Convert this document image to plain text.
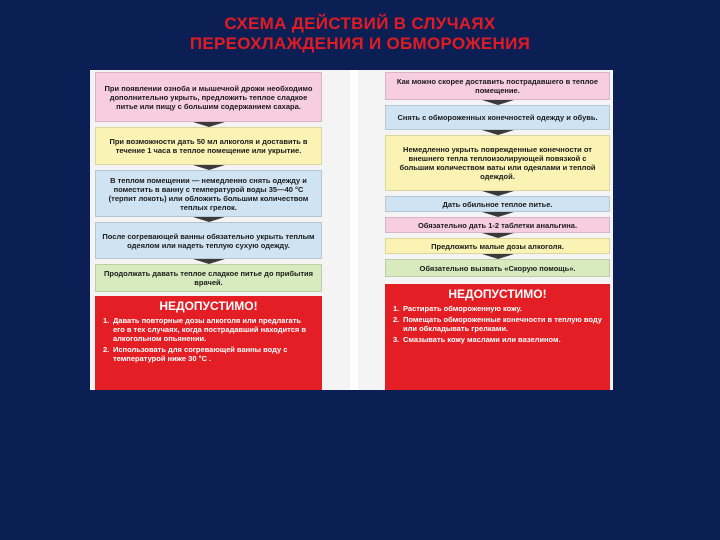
СХЕМА ДЕЙСТВИЙ В СЛУЧАЯХ
ПЕРЕОХЛАЖДЕНИЯ И ОБМОРОЖЕНИЯ
При появлении озноба и мышечной дрожи необходимо дополнительно укрыть, предложить теплое сладкое питье или пищу с большим содержанием сахара.
При возможности дать 50 мл алкоголя и доставить в течение 1 часа в теплое помещение или укрытие.
В теплом помещении — немедленно снять одежду и поместить в ванну с температурой воды 35—40 °С (терпит локоть) или обложить большим количеством теплых грелок.
После согревающей ванны обязательно укрыть теплым одеялом или надеть теплую сухую одежду.
Продолжать давать теплое сладкое питье до прибытия врачей.
НЕДОПУСТИМО!
1. Давать повторные дозы алкоголя или предлагать его в тех случаях, когда пострадавший находится в алкогольном опьянении.
2. Использовать для согревающей ванны воду с температурой ниже 30 °С .
Как можно скорее доставить пострадавшего в теплое помещение.
Снять с обмороженных конечностей одежду и обувь.
Немедленно укрыть поврежденные конечности от внешнего тепла теплоизолирующей повязкой с большим количеством ваты или одеялами и теплой одеждой.
Дать обильное теплое питье.
Обязательно дать 1-2 таблетки анальгина.
Предложить малые дозы алкоголя.
Обязательно вызвать «Скорую помощь».
НЕДОПУСТИМО!
1. Растирать обмороженную кожу.
2. Помещать обмороженные конечности в теплую воду или обкладывать грелками.
3. Смазывать кожу маслами или вазелином.
